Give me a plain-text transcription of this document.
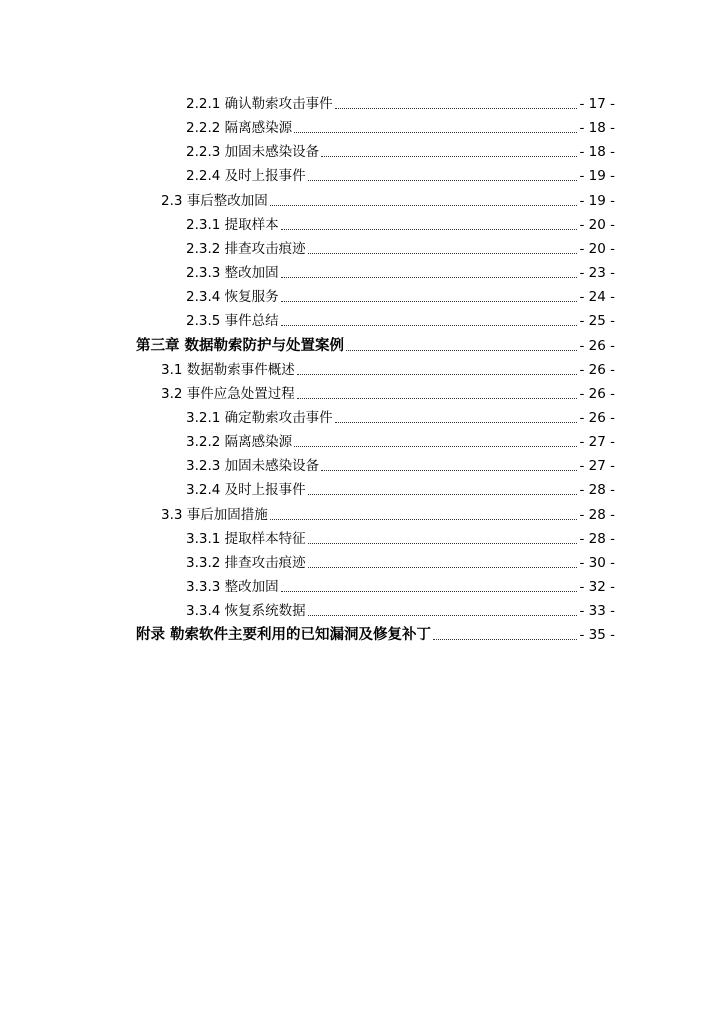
2.2.1 确认勒索攻击事件	- 17 -
2.2.2 隔离感染源	- 18 -
2.2.3 加固未感染设备	- 18 -
2.2.4 及时上报事件	- 19 -
2.3 事后整改加固	- 19 -
2.3.1 提取样本	- 20 -
2.3.2 排查攻击痕迹	- 20 -
2.3.3 整改加固	- 23 -
2.3.4 恢复服务	- 24 -
2.3.5 事件总结	- 25 -
第三章 数据勒索防护与处置案例	- 26 -
3.1 数据勒索事件概述	- 26 -
3.2 事件应急处置过程	- 26 -
3.2.1 确定勒索攻击事件	- 26 -
3.2.2 隔离感染源	- 27 -
3.2.3 加固未感染设备	- 27 -
3.2.4 及时上报事件	- 28 -
3.3 事后加固措施	- 28 -
3.3.1 提取样本特征	- 28 -
3.3.2 排查攻击痕迹	- 30 -
3.3.3 整改加固	- 32 -
3.3.4 恢复系统数据	- 33 -
附录 勒索软件主要利用的已知漏洞及修复补丁	- 35 -
